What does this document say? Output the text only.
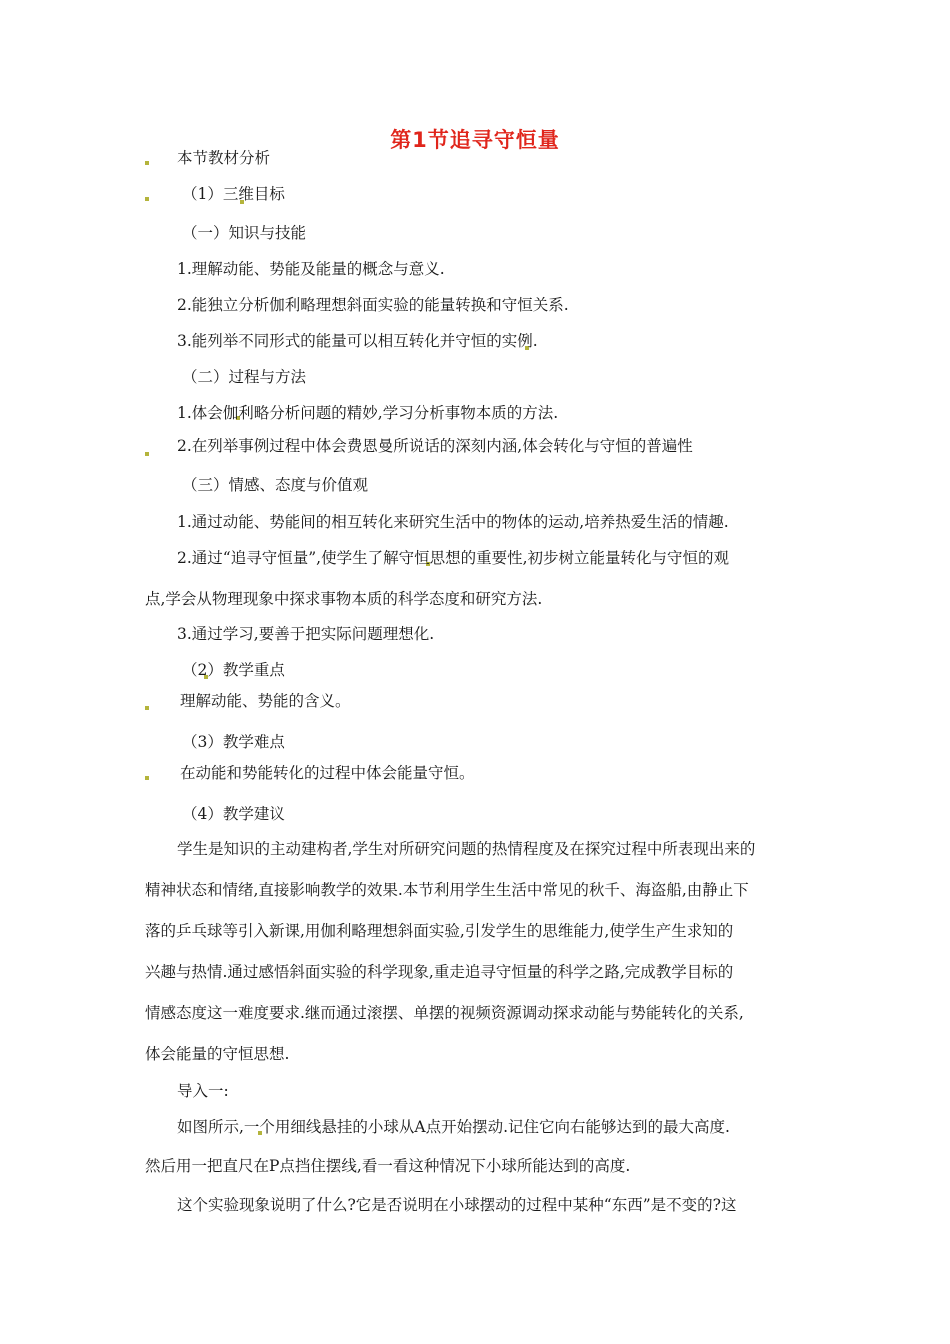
第1节追寻守恒量
本节教材分析
（1）三维目标
（一）知识与技能
1.理解动能、势能及能量的概念与意义.
2.能独立分析伽利略理想斜面实验的能量转换和守恒关系.
3.能列举不同形式的能量可以相互转化并守恒的实例.
（二）过程与方法
1.体会伽利略分析问题的精妙,学习分析事物本质的方法.
2.在列举事例过程中体会费恩曼所说话的深刻内涵,体会转化与守恒的普遍性
（三）情感、态度与价值观
1.通过动能、势能间的相互转化来研究生活中的物体的运动,培养热爱生活的情趣.
2.通过“追寻守恒量”,使学生了解守恒思想的重要性,初步树立能量转化与守恒的观
点,学会从物理现象中探求事物本质的科学态度和研究方法.
3.通过学习,要善于把实际问题理想化.
（2）教学重点
理解动能、势能的含义。
（3）教学难点
在动能和势能转化的过程中体会能量守恒。
（4）教学建议
学生是知识的主动建构者,学生对所研究问题的热情程度及在探究过程中所表现出来的
精神状态和情绪,直接影响教学的效果.本节利用学生生活中常见的秋千、海盗船,由静止下
落的乒乓球等引入新课,用伽利略理想斜面实验,引发学生的思维能力,使学生产生求知的
兴趣与热情.通过感悟斜面实验的科学现象,重走追寻守恒量的科学之路,完成教学目标的
情感态度这一难度要求.继而通过滚摆、单摆的视频资源调动探求动能与势能转化的关系,
体会能量的守恒思想.
导入一:
如图所示,一个用细线悬挂的小球从A点开始摆动.记住它向右能够达到的最大高度.
然后用一把直尺在P点挡住摆线,看一看这种情况下小球所能达到的高度.
这个实验现象说明了什么?它是否说明在小球摆动的过程中某种“东西”是不变的?这
